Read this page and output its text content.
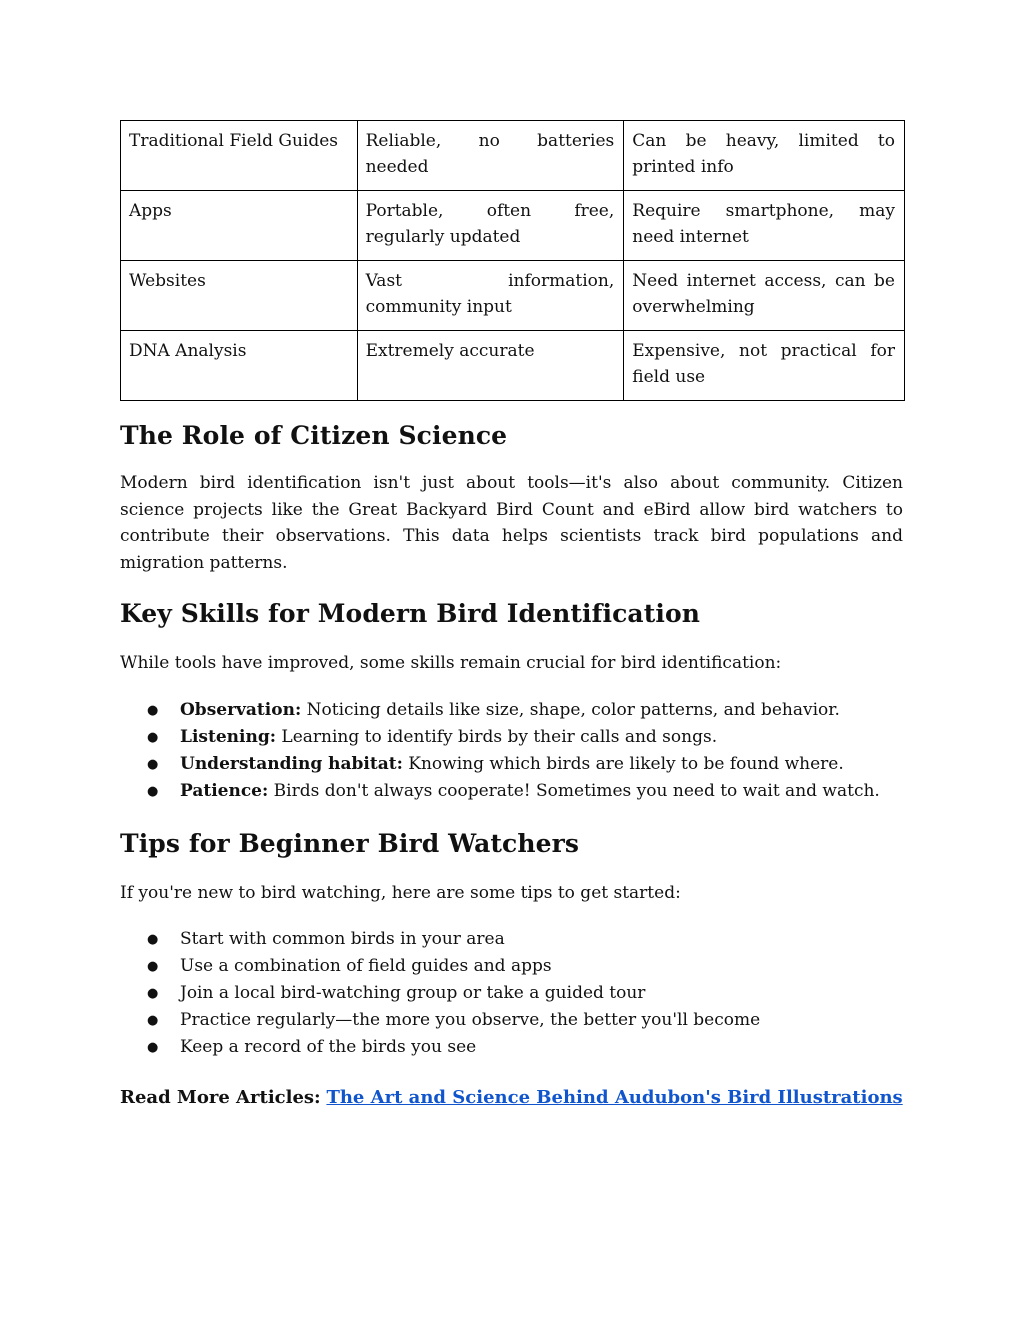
Traditional Field Guides	Reliable, no batteries needed	Can be heavy, limited to printed info
Apps	Portable, often free, regularly updated	Require smartphone, may need internet
Websites	Vast information, community input	Need internet access, can be overwhelming
DNA Analysis	Extremely accurate	Expensive, not practical for field use
The Role of Citizen Science

Modern bird identification isn't just about tools—it's also about community. Citizen science projects like the Great Backyard Bird Count and eBird allow bird watchers to contribute their observations. This data helps scientists track bird populations and migration patterns.

Key Skills for Modern Bird Identification

While tools have improved, some skills remain crucial for bird identification:

● Observation: Noticing details like size, shape, color patterns, and behavior.
● Listening: Learning to identify birds by their calls and songs.
● Understanding habitat: Knowing which birds are likely to be found where.
● Patience: Birds don't always cooperate! Sometimes you need to wait and watch.
Tips for Beginner Bird Watchers

If you're new to bird watching, here are some tips to get started:

● Start with common birds in your area
● Use a combination of field guides and apps
● Join a local bird-watching group or take a guided tour
● Practice regularly—the more you observe, the better you'll become
● Keep a record of the birds you see

Read More Articles: The Art and Science Behind Audubon's Bird Illustrations
